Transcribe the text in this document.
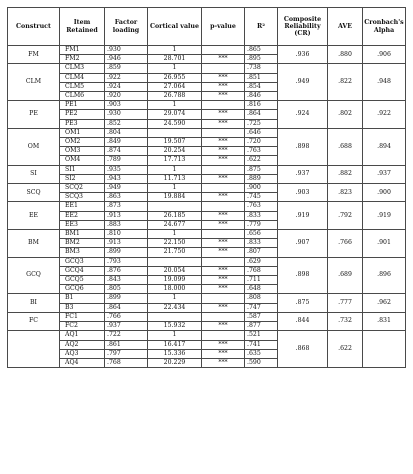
Construct	Item Retained	Factor loading	Cortical value	p-value	R²	Composite Reliability (CR)	AVE	Cronbach's Alpha
FM	FM1	.930	1		.865	.936	.880	.906
	FM2	.946	28.701	***	.895			
CLM	CLM3	.859	1		.738	.949	.822	.948
	CLM4	.922	26.955	***	.851			
	CLM5	.924	27.064	***	.854			
	CLM6	.920	26.788	***	.846			
PE	PE1	.903	1		.816	.924	.802	.922
	PE2	.930	29.074	***	.864			
	PE3	.852	24.590	***	.725			
OM	OM1	.804			.646	.898	.688	.894
	OM2	.849	19.507	***	.720			
	OM3	.874	20.254	***	.763			
	OM4	.789	17.713	***	.622			
SI	SI1	.935	1		.875	.937	.882	.937
	SI2	.943	11.713	***	.889			
SCQ	SCQ2	.949	1		.900	.903	.823	.900
	SCQ3	.863	19.884	***	.745			
EE	EE1	.873			.763	.919	.792	.919
	EE2	.913	26.185	***	.833			
	EE3	.883	24.677	***	.779			
BM	BM1	.810	1		.656	.907	.766	.901
	BM2	.913	22.150	***	.833			
	BM3	.899	21.750	***	.807			
GCQ	GCQ3	.793			.629	.898	.689	.896
	GCQ4	.876	20.054	***	.768			
	GCQ5	.843	19.099	***	.711			
	GCQ6	.805	18.000	***	.648			
BI	B1	.899	1		.808	.875	.777	.962
	B3	.864	22.434	***	.747			
FC	FC1	.766			.587	.844	.732	.831
	FC2	.937	15.932	***	.877			
	AQ1	.722	1		.521	.868	.622	
	AQ2	.861	16.417	***	.741			
	AQ3	.797	15.336	***	.635			
	AQ4	.768	20.229	***	.590			
